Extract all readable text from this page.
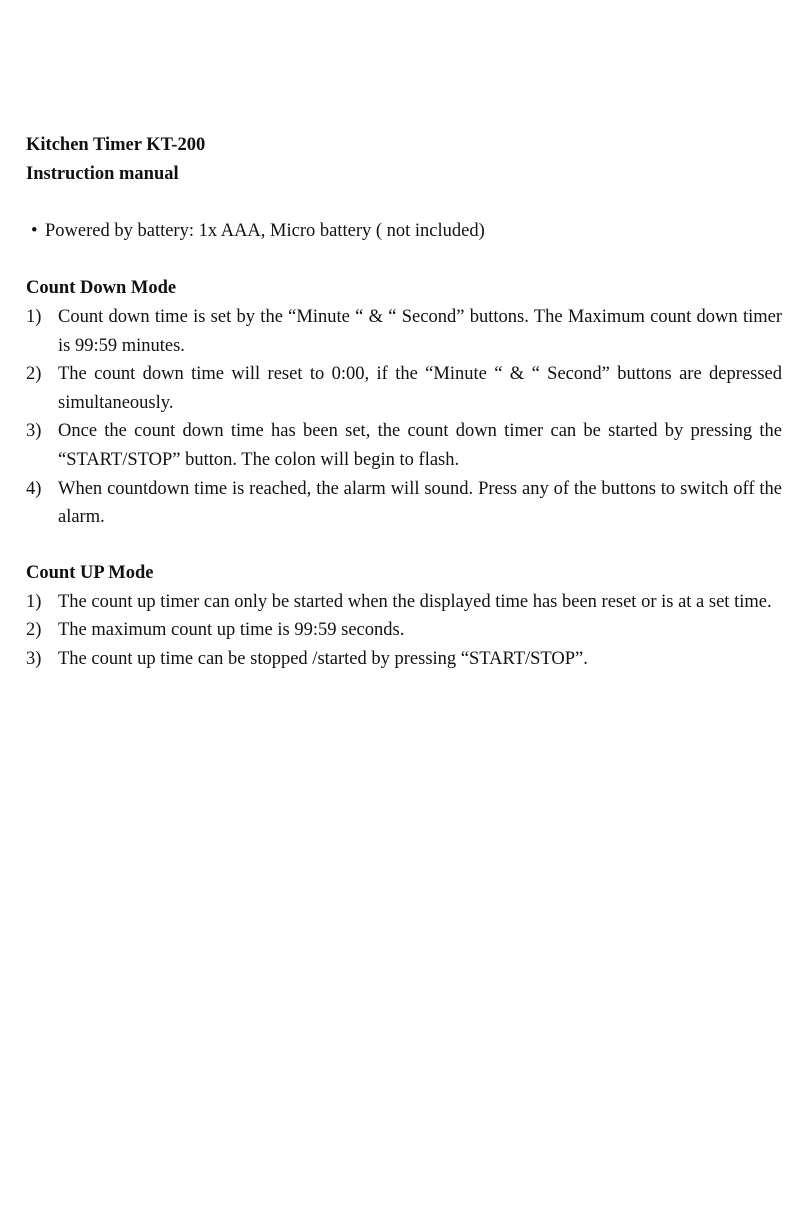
Kitchen Timer KT-200

Instruction manual

• Powered by battery: 1x AAA, Micro battery ( not included)

Count Down Mode

1) Count down time is set by the “Minute “ & “ Second” buttons. The Maximum count down timer is 99:59 minutes.
2) The count down time will reset to 0:00, if the “Minute “ & “ Second” buttons are depressed simultaneously.
3) Once the count down time has been set, the count down timer can be started by pressing the “START/STOP” button. The colon will begin to flash.
4) When countdown time is reached, the alarm will sound. Press any of the buttons to switch off the alarm.

Count UP Mode

1) The count up timer can only be started when the displayed time has been reset or is at a set time.
2) The maximum count up time is 99:59 seconds.
3) The count up time can be stopped /started by pressing “START/STOP”.
